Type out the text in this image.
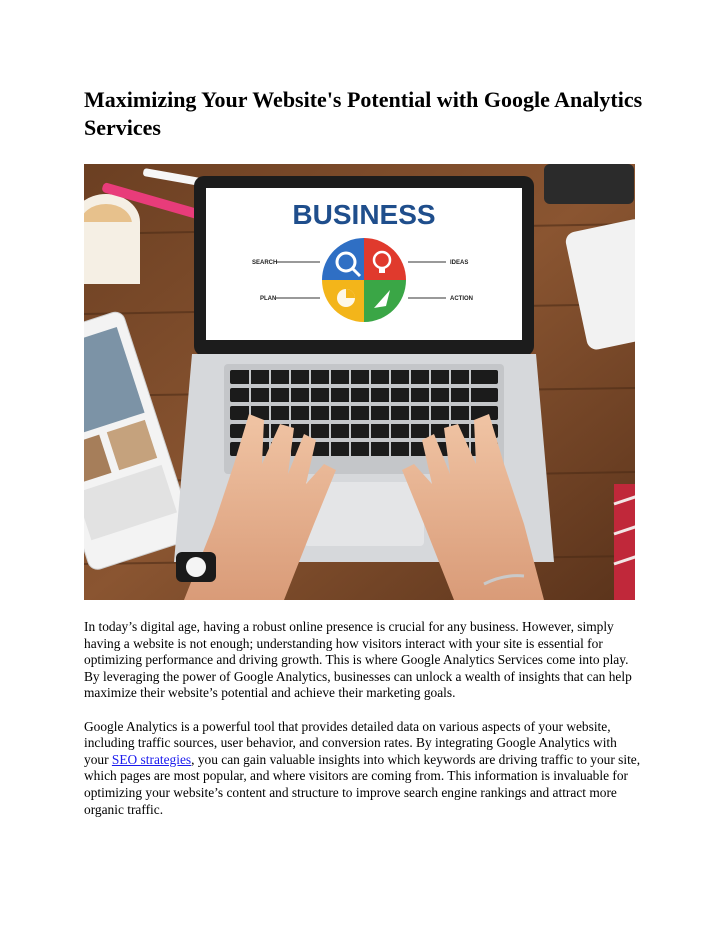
Maximizing Your Website's Potential with Google Analytics Services
BUSINESS
SEARCH	IDEAS
PLAN	ACTION

In today’s digital age, having a robust online presence is crucial for any business. However, simply having a website is not enough; understanding how visitors interact with your site is essential for optimizing performance and driving growth. This is where Google Analytics Services come into play. By leveraging the power of Google Analytics, businesses can unlock a wealth of insights that can help maximize their website’s potential and achieve their marketing goals.

Google Analytics is a powerful tool that provides detailed data on various aspects of your website, including traffic sources, user behavior, and conversion rates. By integrating Google Analytics with your SEO strategies, you can gain valuable insights into which keywords are driving traffic to your site, which pages are most popular, and where visitors are coming from. This information is invaluable for optimizing your website’s content and structure to improve search engine rankings and attract more organic traffic.
